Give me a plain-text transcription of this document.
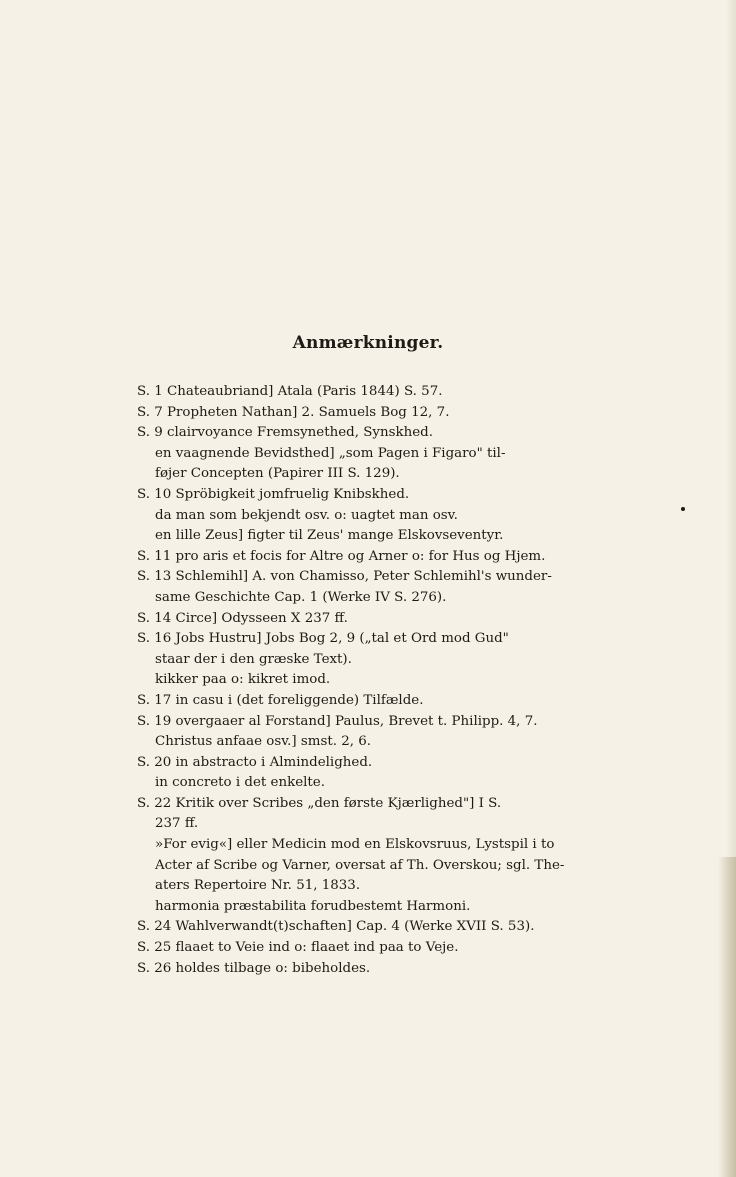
Anmærkninger.
S. 1 Chateaubriand] Atala (Paris 1844) S. 57.
S. 7 Propheten Nathan] 2. Samuels Bog 12, 7.
S. 9 clairvoyance Fremsynethed, Synskhed.
en vaagnende Bevidsthed] „som Pagen i Figaro" til-
føjer Concepten (Papirer III S. 129).
S. 10 Spröbigkeit jomfruelig Knibskhed.
da man som bekjendt osv. o: uagtet man osv.
en lille Zeus] figter til Zeus' mange Elskovseventyr.
S. 11 pro aris et focis for Altre og Arner o: for Hus og Hjem.
S. 13 Schlemihl] A. von Chamisso, Peter Schlemihl's wunder-
same Geschichte Cap. 1 (Werke IV S. 276).
S. 14 Circe] Odysseen X 237 ff.
S. 16 Jobs Hustru] Jobs Bog 2, 9 („tal et Ord mod Gud"
staar der i den græske Text).
kikker paa o: kikret imod.
S. 17 in casu i (det foreliggende) Tilfælde.
S. 19 overgaaer al Forstand] Paulus, Brevet t. Philipp. 4, 7.
Christus anfaae osv.] smst. 2, 6.
S. 20 in abstracto i Almindelighed.
in concreto i det enkelte.
S. 22 Kritik over Scribes „den første Kjærlighed"] I S.
237 ff.
»For evig«] eller Medicin mod en Elskovsruus, Lystspil i to
Acter af Scribe og Varner, oversat af Th. Overskou; sgl. The-
aters Repertoire Nr. 51, 1833.
harmonia præstabilita forudbestemt Harmoni.
S. 24 Wahlverwandt(t)schaften] Cap. 4 (Werke XVII S. 53).
S. 25 flaaet to Veie ind o: flaaet ind paa to Veje.
S. 26 holdes tilbage o: bibeholdes.
